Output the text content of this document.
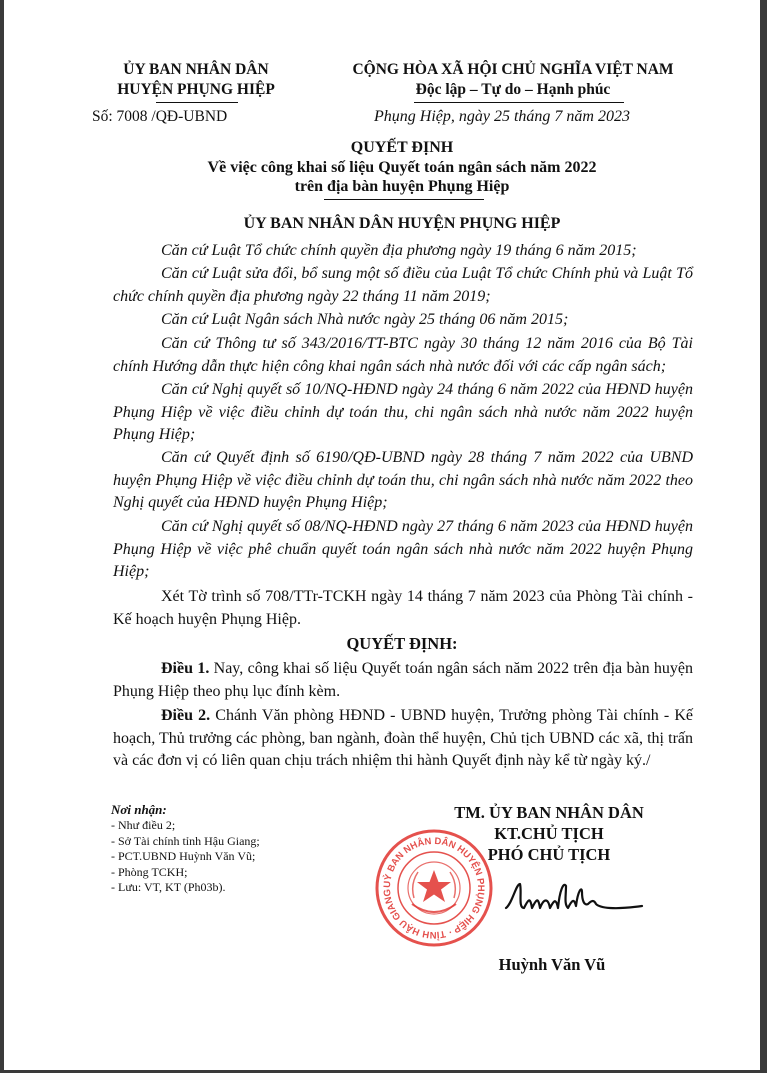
ỦY BAN NHÂN DÂN
HUYỆN PHỤNG HIỆP
Số: 7008 /QĐ-UBND
CỘNG HÒA XÃ HỘI CHỦ NGHĨA VIỆT NAM
Độc lập – Tự do – Hạnh phúc
Phụng Hiệp, ngày 25 tháng 7 năm 2023
QUYẾT ĐỊNH
Về việc công khai số liệu Quyết toán ngân sách năm 2022
trên địa bàn huyện Phụng Hiệp
ỦY BAN NHÂN DÂN HUYỆN PHỤNG HIỆP
Căn cứ Luật Tổ chức chính quyền địa phương ngày 19 tháng 6 năm 2015;
Căn cứ Luật sửa đổi, bổ sung một số điều của Luật Tổ chức Chính phủ và Luật Tổ chức chính quyền địa phương ngày 22 tháng 11 năm 2019;
Căn cứ Luật Ngân sách Nhà nước ngày 25 tháng 06 năm 2015;
Căn cứ Thông tư số 343/2016/TT-BTC ngày 30 tháng 12 năm 2016 của Bộ Tài chính Hướng dẫn thực hiện công khai ngân sách nhà nước đối với các cấp ngân sách;
Căn cứ Nghị quyết số 10/NQ-HĐND ngày 24 tháng 6 năm 2022 của HĐND huyện Phụng Hiệp về việc điều chỉnh dự toán thu, chi ngân sách nhà nước năm 2022 huyện Phụng Hiệp;
Căn cứ Quyết định số 6190/QĐ-UBND ngày 28 tháng 7 năm 2022 của UBND huyện Phụng Hiệp về việc điều chỉnh dự toán thu, chi ngân sách nhà nước năm 2022 theo Nghị quyết của HĐND huyện Phụng Hiệp;
Căn cứ Nghị quyết số 08/NQ-HĐND ngày 27 tháng 6 năm 2023 của HĐND huyện Phụng Hiệp về việc phê chuẩn quyết toán ngân sách nhà nước năm 2022 huyện Phụng Hiệp;
Xét Tờ trình số 708/TTr-TCKH ngày 14 tháng 7 năm 2023 của Phòng Tài chính - Kế hoạch huyện Phụng Hiệp.
QUYẾT ĐỊNH:
Điều 1. Nay, công khai số liệu Quyết toán ngân sách năm 2022 trên địa bàn huyện Phụng Hiệp theo phụ lục đính kèm.
Điều 2. Chánh Văn phòng HĐND - UBND huyện, Trưởng phòng Tài chính - Kế hoạch, Thủ trưởng các phòng, ban ngành, đoàn thể huyện, Chủ tịch UBND các xã, thị trấn và các đơn vị có liên quan chịu trách nhiệm thi hành Quyết định này kể từ ngày ký./
Nơi nhận:
- Như điều 2;
- Sở Tài chính tỉnh Hậu Giang;
- PCT.UBND Huỳnh Văn Vũ;
- Phòng TCKH;
- Lưu: VT, KT (Ph03b).	UỶ BAN NHÂN DÂN HUYỆN PHỤNG HIỆP · TỈNH HẬU GIANG
TM. ỦY BAN NHÂN DÂN
KT.CHỦ TỊCH
PHÓ CHỦ TỊCH
Huỳnh Văn Vũ
